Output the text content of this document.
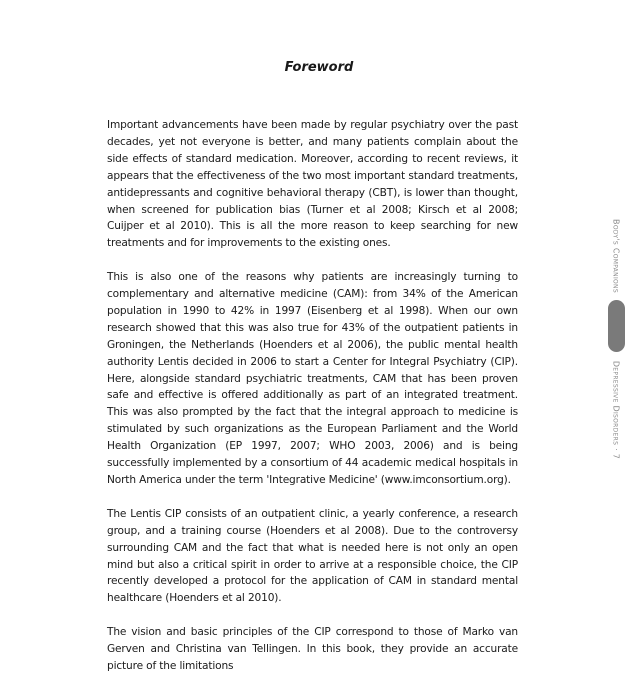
Foreword

Important advancements have been made by regular psychiatry over the past decades, yet not everyone is better, and many patients complain about the side effects of standard medication. Moreover, according to recent reviews, it appears that the effectiveness of the two most important standard treatments, antidepressants and cognitive behavioral therapy (CBT), is lower than thought, when screened for publication bias (Turner et al 2008; Kirsch et al 2008; Cuijper et al 2010). This is all the more reason to keep searching for new treatments and for improvements to the existing ones.

This is also one of the reasons why patients are increasingly turning to complementary and alternative medicine (CAM): from 34% of the American population in 1990 to 42% in 1997 (Eisenberg et al 1998). When our own research showed that this was also true for 43% of the outpatient patients in Groningen, the Netherlands (Hoenders et al 2006), the public mental health authority Lentis decided in 2006 to start a Center for Integral Psychiatry (CIP). Here, alongside standard psychiatric treatments, CAM that has been proven safe and effective is offered additionally as part of an integrated treatment. This was also prompted by the fact that the integral approach to medicine is stimulated by such organizations as the European Parliament and the World Health Organization (EP 1997, 2007; WHO 2003, 2006) and is being successfully implemented by a consortium of 44 academic medical hospitals in North America under the term 'Integrative Medicine' (www.imconsortium.org).

The Lentis CIP consists of an outpatient clinic, a yearly conference, a research group, and a training course (Hoenders et al 2008). Due to the controversy surrounding CAM and the fact that what is needed here is not only an open mind but also a critical spirit in order to arrive at a responsible choice, the CIP recently developed a protocol for the application of CAM in standard mental healthcare (Hoenders et al 2010).

The vision and basic principles of the CIP correspond to those of Marko van Gerven and Christina van Tellingen. In this book, they provide an accurate picture of the limitations

Body's Companions
Depressive Disorders · 7
